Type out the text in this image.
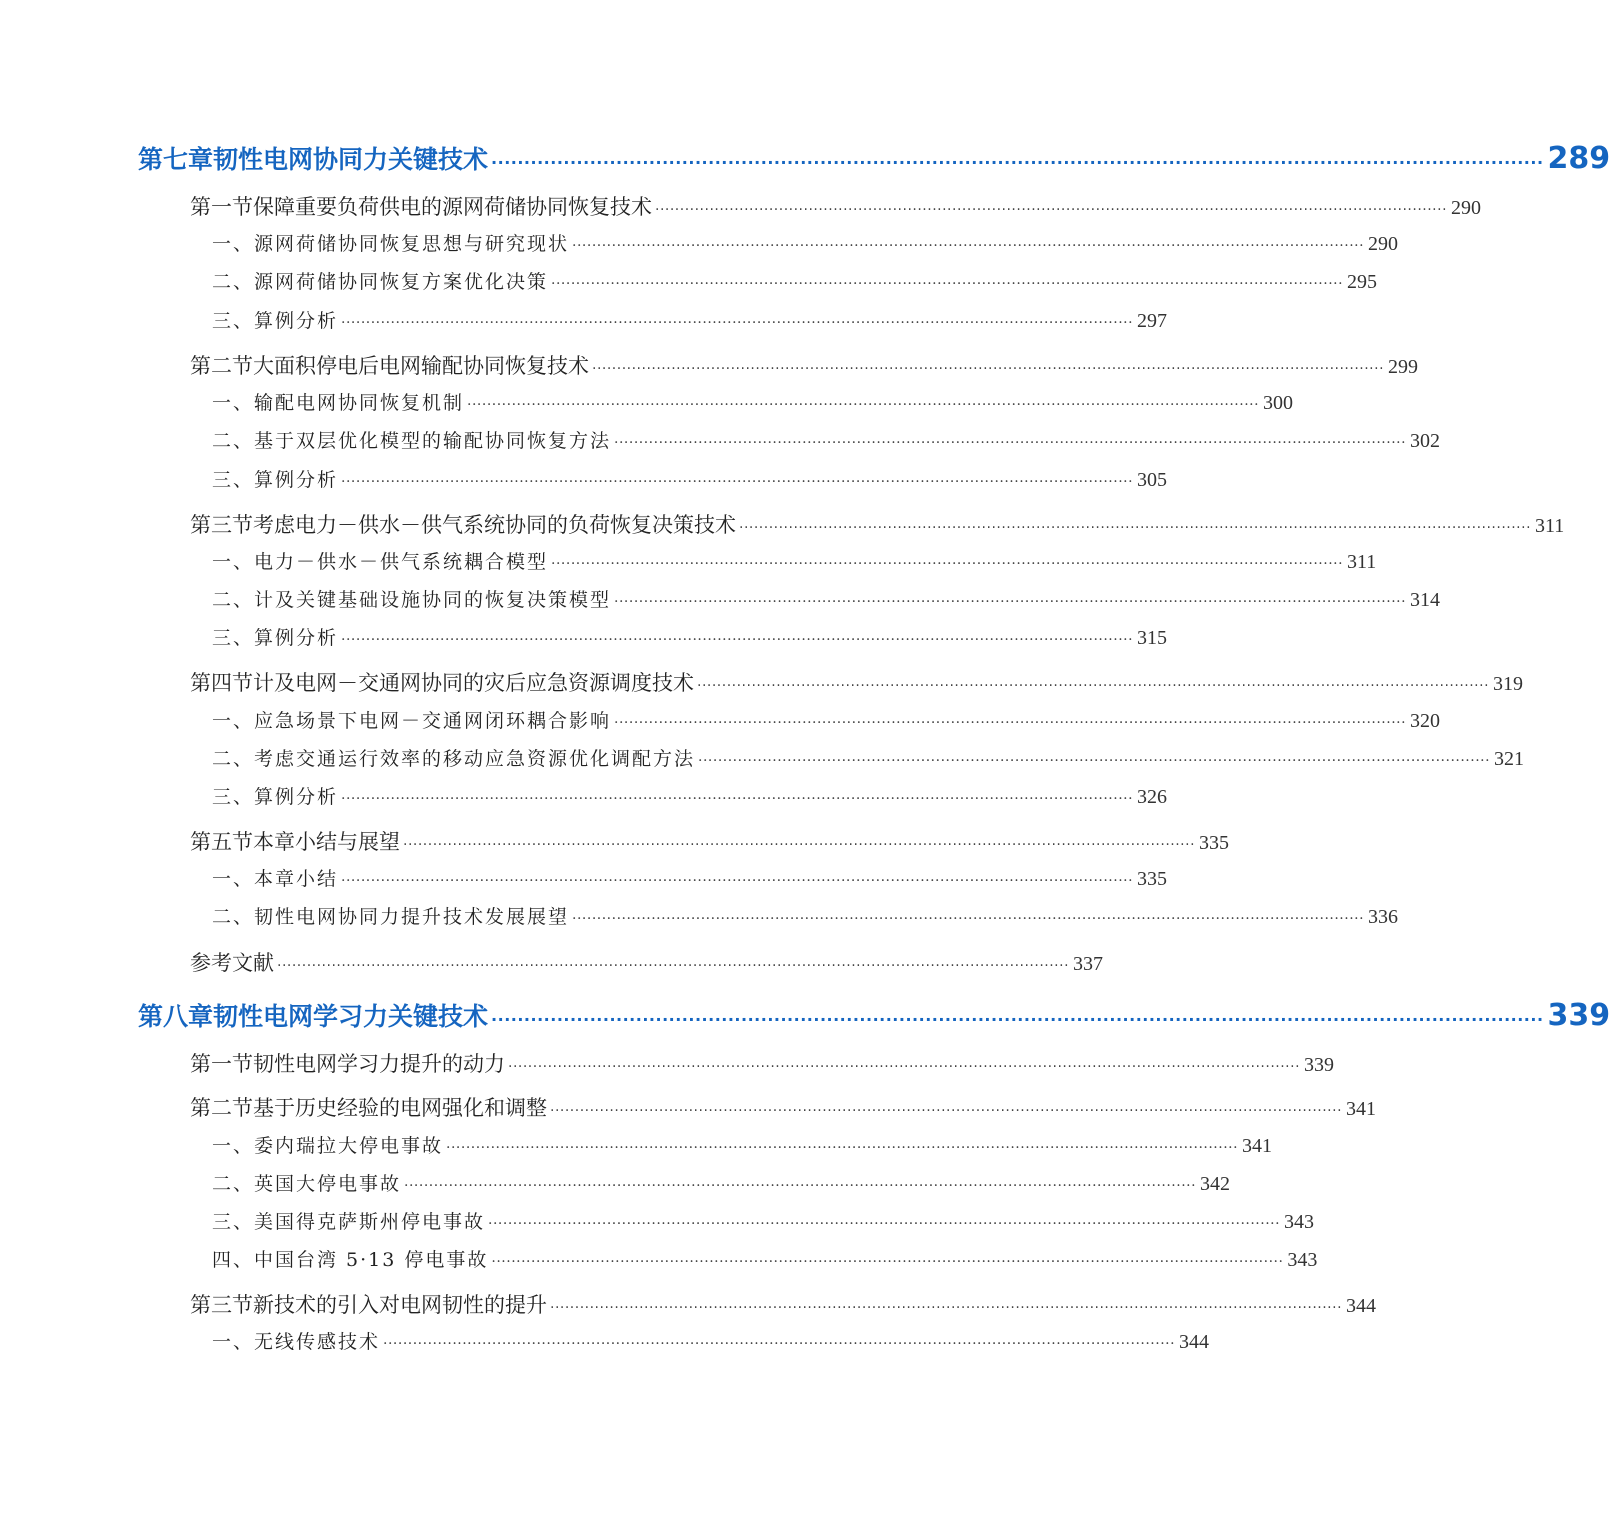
第七章 韧性电网协同力关键技术 ································································································································································ 289
第一节 保障重要负荷供电的源网荷储协同恢复技术 ································································································································································ 290
一、源网荷储协同恢复思想与研究现状 ································································································································································ 290
二、源网荷储协同恢复方案优化决策 ································································································································································ 295
三、算例分析 ································································································································································ 297
第二节 大面积停电后电网输配协同恢复技术 ································································································································································ 299
一、输配电网协同恢复机制 ································································································································································ 300
二、基于双层优化模型的输配协同恢复方法 ································································································································································ 302
三、算例分析 ································································································································································ 305
第三节 考虑电力－供水－供气系统协同的负荷恢复决策技术 ································································································································································ 311
一、电力－供水－供气系统耦合模型 ································································································································································ 311
二、计及关键基础设施协同的恢复决策模型 ································································································································································ 314
三、算例分析 ································································································································································ 315
第四节 计及电网－交通网协同的灾后应急资源调度技术 ································································································································································ 319
一、应急场景下电网－交通网闭环耦合影响 ································································································································································ 320
二、考虑交通运行效率的移动应急资源优化调配方法 ································································································································································ 321
三、算例分析 ································································································································································ 326
第五节 本章小结与展望 ································································································································································ 335
一、本章小结 ································································································································································ 335
二、韧性电网协同力提升技术发展展望 ································································································································································ 336
参考文献 ································································································································································ 337
第八章 韧性电网学习力关键技术 ································································································································································ 339
第一节 韧性电网学习力提升的动力 ································································································································································ 339
第二节 基于历史经验的电网强化和调整 ································································································································································ 341
一、委内瑞拉大停电事故 ································································································································································ 341
二、英国大停电事故 ································································································································································ 342
三、美国得克萨斯州停电事故 ································································································································································ 343
四、中国台湾 5·13 停电事故 ································································································································································ 343
第三节 新技术的引入对电网韧性的提升 ································································································································································ 344
一、无线传感技术 ································································································································································ 344
